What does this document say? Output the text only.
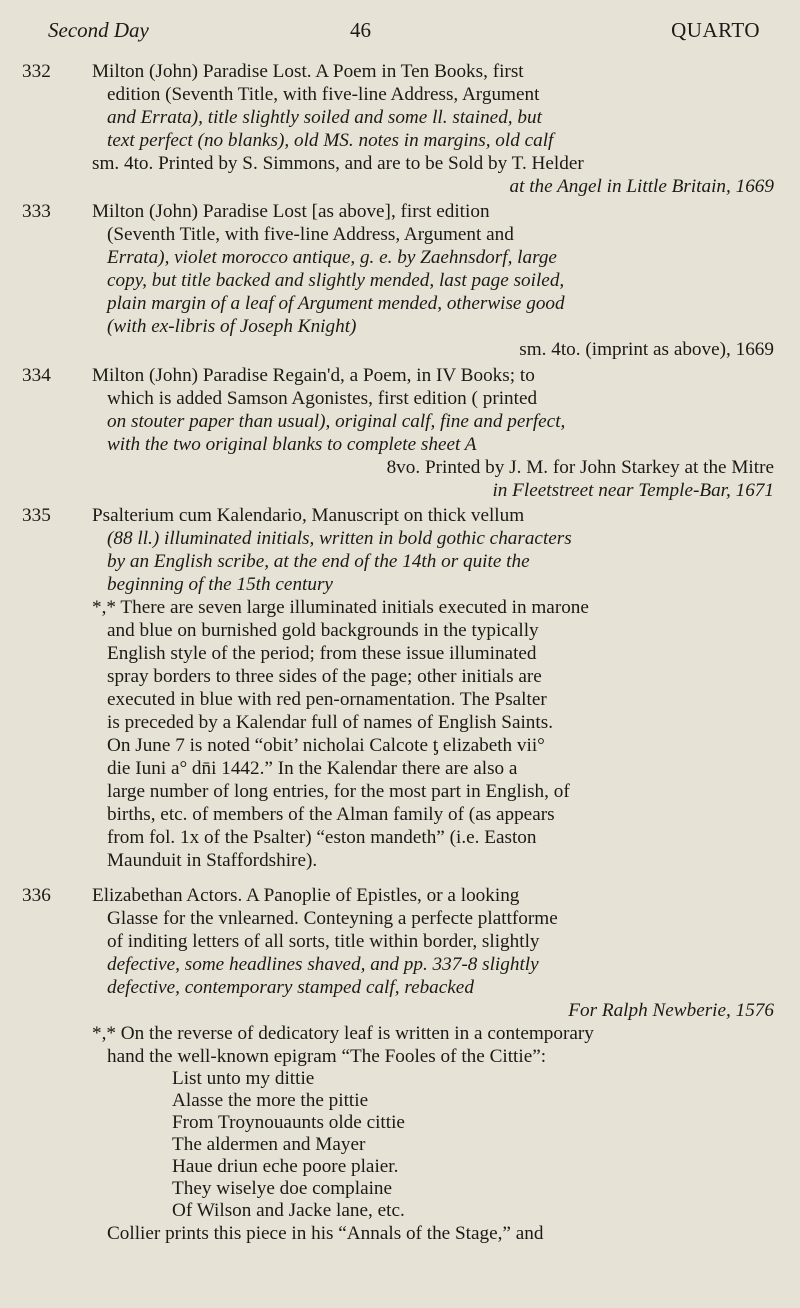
Second Day	46	QUARTO
332	Milton (John) Paradise Lost. A Poem in Ten Books, first
edition (Seventh Title, with five-line Address, Argument
and Errata), title slightly soiled and some ll. stained, but
text perfect (no blanks), old MS. notes in margins, old calf
sm. 4to. Printed by S. Simmons, and are to be Sold by T. Helder
at the Angel in Little Britain, 1669
333	Milton (John) Paradise Lost [as above], first edition
(Seventh Title, with five-line Address, Argument and
Errata), violet morocco antique, g. e. by Zaehnsdorf, large
copy, but title backed and slightly mended, last page soiled,
plain margin of a leaf of Argument mended, otherwise good
(with ex-libris of Joseph Knight)
sm. 4to. (imprint as above), 1669
334	Milton (John) Paradise Regain'd, a Poem, in IV Books; to
which is added Samson Agonistes, first edition ( printed
on stouter paper than usual), original calf, fine and perfect,
with the two original blanks to complete sheet A
8vo. Printed by J. M. for John Starkey at the Mitre
in Fleetstreet near Temple-Bar, 1671
335	Psalterium cum Kalendario, Manuscript on thick vellum
(88 ll.) illuminated initials, written in bold gothic characters
by an English scribe, at the end of the 14th or quite the
beginning of the 15th century
*,* There are seven large illuminated initials executed in marone
and blue on burnished gold backgrounds in the typically
English style of the period; from these issue illuminated
spray borders to three sides of the page; other initials are
executed in blue with red pen-ornamentation. The Psalter
is preceded by a Kalendar full of names of English Saints.
On June 7 is noted “obit’ nicholai Calcote ƫ elizabeth vii°
die Iuni a° dn̄i 1442.” In the Kalendar there are also a
large number of long entries, for the most part in English, of
births, etc. of members of the Alman family of (as appears
from fol. 1x of the Psalter) “eston mandeth” (i.e. Easton
Maunduit in Staffordshire).
336	Elizabethan Actors. A Panoplie of Epistles, or a looking
Glasse for the vnlearned. Conteyning a perfecte plattforme
of inditing letters of all sorts, title within border, slightly
defective, some headlines shaved, and pp. 337-8 slightly
defective, contemporary stamped calf, rebacked
For Ralph Newberie, 1576
*,* On the reverse of dedicatory leaf is written in a contemporary
hand the well-known epigram “The Fooles of the Cittie”:
List unto my dittie
Alasse the more the pittie
From Troynouaunts olde cittie
The aldermen and Mayer
Haue driun eche poore plaier.
They wiselye doe complaine
Of Wilson and Jacke lane, etc.
Collier prints this piece in his “Annals of the Stage,” and
